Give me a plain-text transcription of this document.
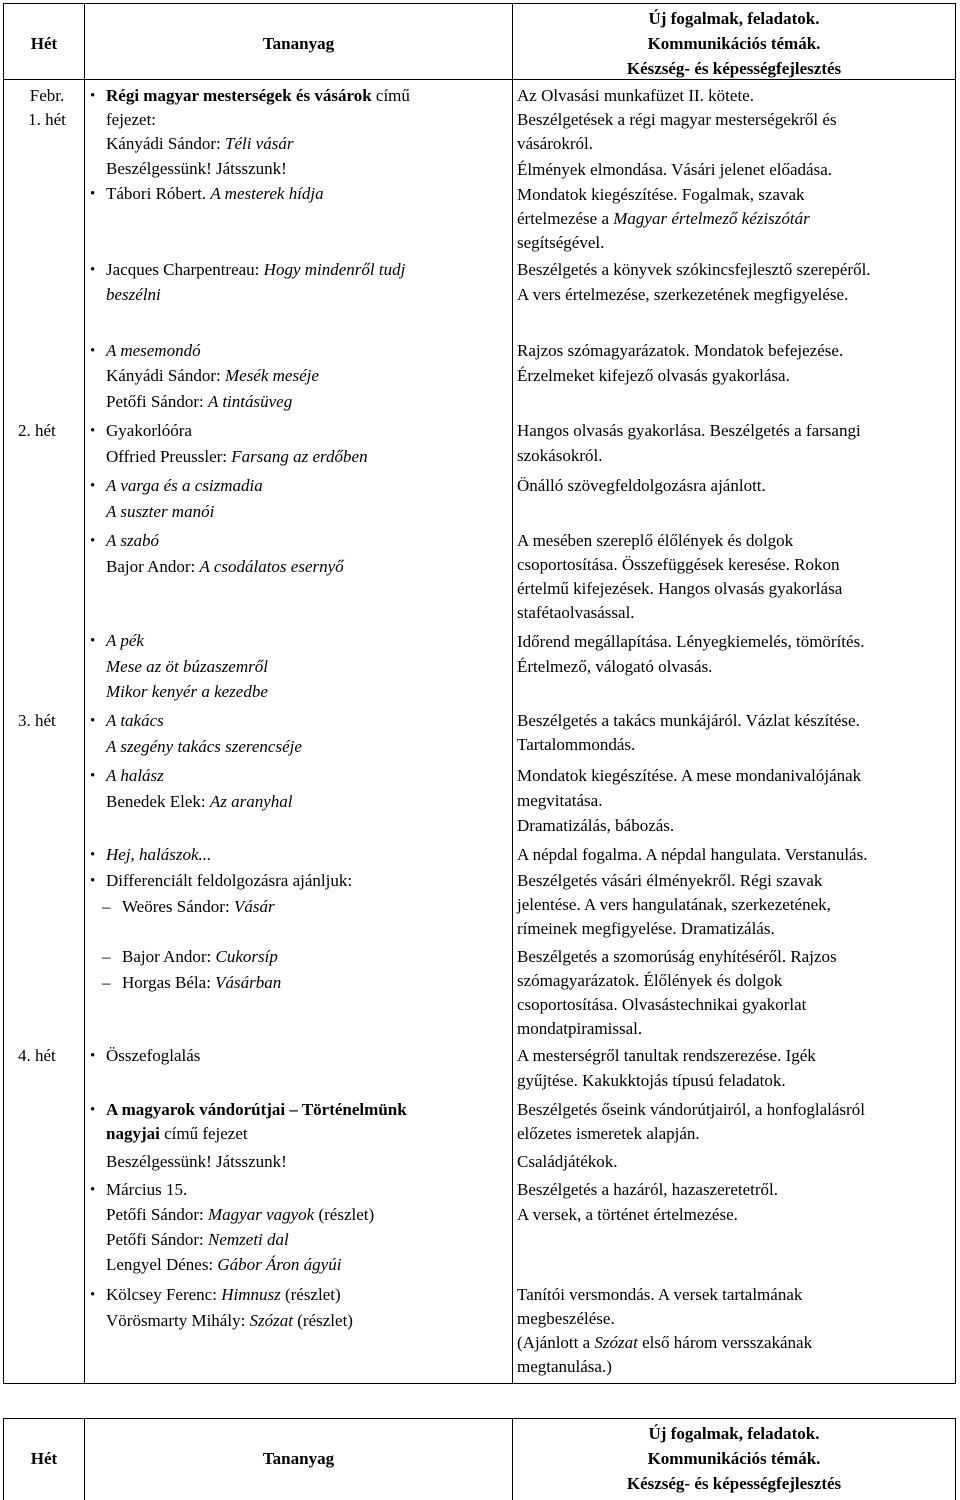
Hét	Tananyag
Új fogalmak, feladatok.
Kommunikációs témák.
Készség- és képességfejlesztés
Febr.
1. hét
2. hét
3. hét
4. hét
• Régi magyar mesterségek és vásárok című
fejezet:
Kányádi Sándor: Téli vásár
Beszélgessünk! Játsszunk!
• Tábori Róbert. A mesterek hídja
• Jacques Charpentreau: Hogy mindenről tudj
beszélni
• A mesemondó
Kányádi Sándor: Mesék meséje
Petőfi Sándor: A tintásüveg
• Gyakorlóóra
Offried Preussler: Farsang az erdőben
• A varga és a csizmadia
A suszter manói
• A szabó
Bajor Andor: A csodálatos esernyő
• A pék
Mese az öt búzaszemről
Mikor kenyér a kezedbe
• A takács
A szegény takács szerencséje
• A halász
Benedek Elek: Az aranyhal
• Hej, halászok...
• Differenciált feldolgozásra ajánljuk:
– Weöres Sándor: Vásár
– Bajor Andor: Cukorsíp
– Horgas Béla: Vásárban
• Összefoglalás
• A magyarok vándorútjai – Történelmünk
nagyjai című fejezet
Beszélgessünk! Játsszunk!
• Március 15.
Petőfi Sándor: Magyar vagyok (részlet)
Petőfi Sándor: Nemzeti dal
Lengyel Dénes: Gábor Áron ágyúi
• Kölcsey Ferenc: Himnusz (részlet)
Vörösmarty Mihály: Szózat (részlet)
Az Olvasási munkafüzet II. kötete.
Beszélgetések a régi magyar mesterségekről és
vásárokról.
Élmények elmondása. Vásári jelenet előadása.
Mondatok kiegészítése. Fogalmak, szavak
értelmezése a Magyar értelmező kéziszótár
segítségével.
Beszélgetés a könyvek szókincsfejlesztő szerepéről.
A vers értelmezése, szerkezetének megfigyelése.
Rajzos szómagyarázatok. Mondatok befejezése.
Érzelmeket kifejező olvasás gyakorlása.
Hangos olvasás gyakorlása. Beszélgetés a farsangi
szokásokról.
Önálló szövegfeldolgozásra ajánlott.
A mesében szereplő élőlények és dolgok
csoportosítása. Összefüggések keresése. Rokon
értelmű kifejezések. Hangos olvasás gyakorlása
stafétaolvasással.
Időrend megállapítása. Lényegkiemelés, tömörítés.
Értelmező, válogató olvasás.
Beszélgetés a takács munkájáról. Vázlat készítése.
Tartalommondás.
Mondatok kiegészítése. A mese mondanivalójának
megvitatása.
Dramatizálás, bábozás.
A népdal fogalma. A népdal hangulata. Verstanulás.
Beszélgetés vásári élményekről. Régi szavak
jelentése. A vers hangulatának, szerkezetének,
rímeinek megfigyelése. Dramatizálás.
Beszélgetés a szomorúság enyhítéséről. Rajzos
szómagyarázatok. Élőlények és dolgok
csoportosítása. Olvasástechnikai gyakorlat
mondatpiramissal.
A mesterségről tanultak rendszerezése. Igék
gyűjtése. Kakukktojás típusú feladatok.
Beszélgetés őseink vándorútjairól, a honfoglalásról
előzetes ismeretek alapján.
Családjátékok.
Beszélgetés a hazáról, hazaszeretetről.
A versek, a történet értelmezése.
Tanítói versmondás. A versek tartalmának
megbeszélése.
(Ajánlott a Szózat első három versszakának
megtanulása.)
Hét	Tananyag
Új fogalmak, feladatok.
Kommunikációs témák.
Készség- és képességfejlesztés
